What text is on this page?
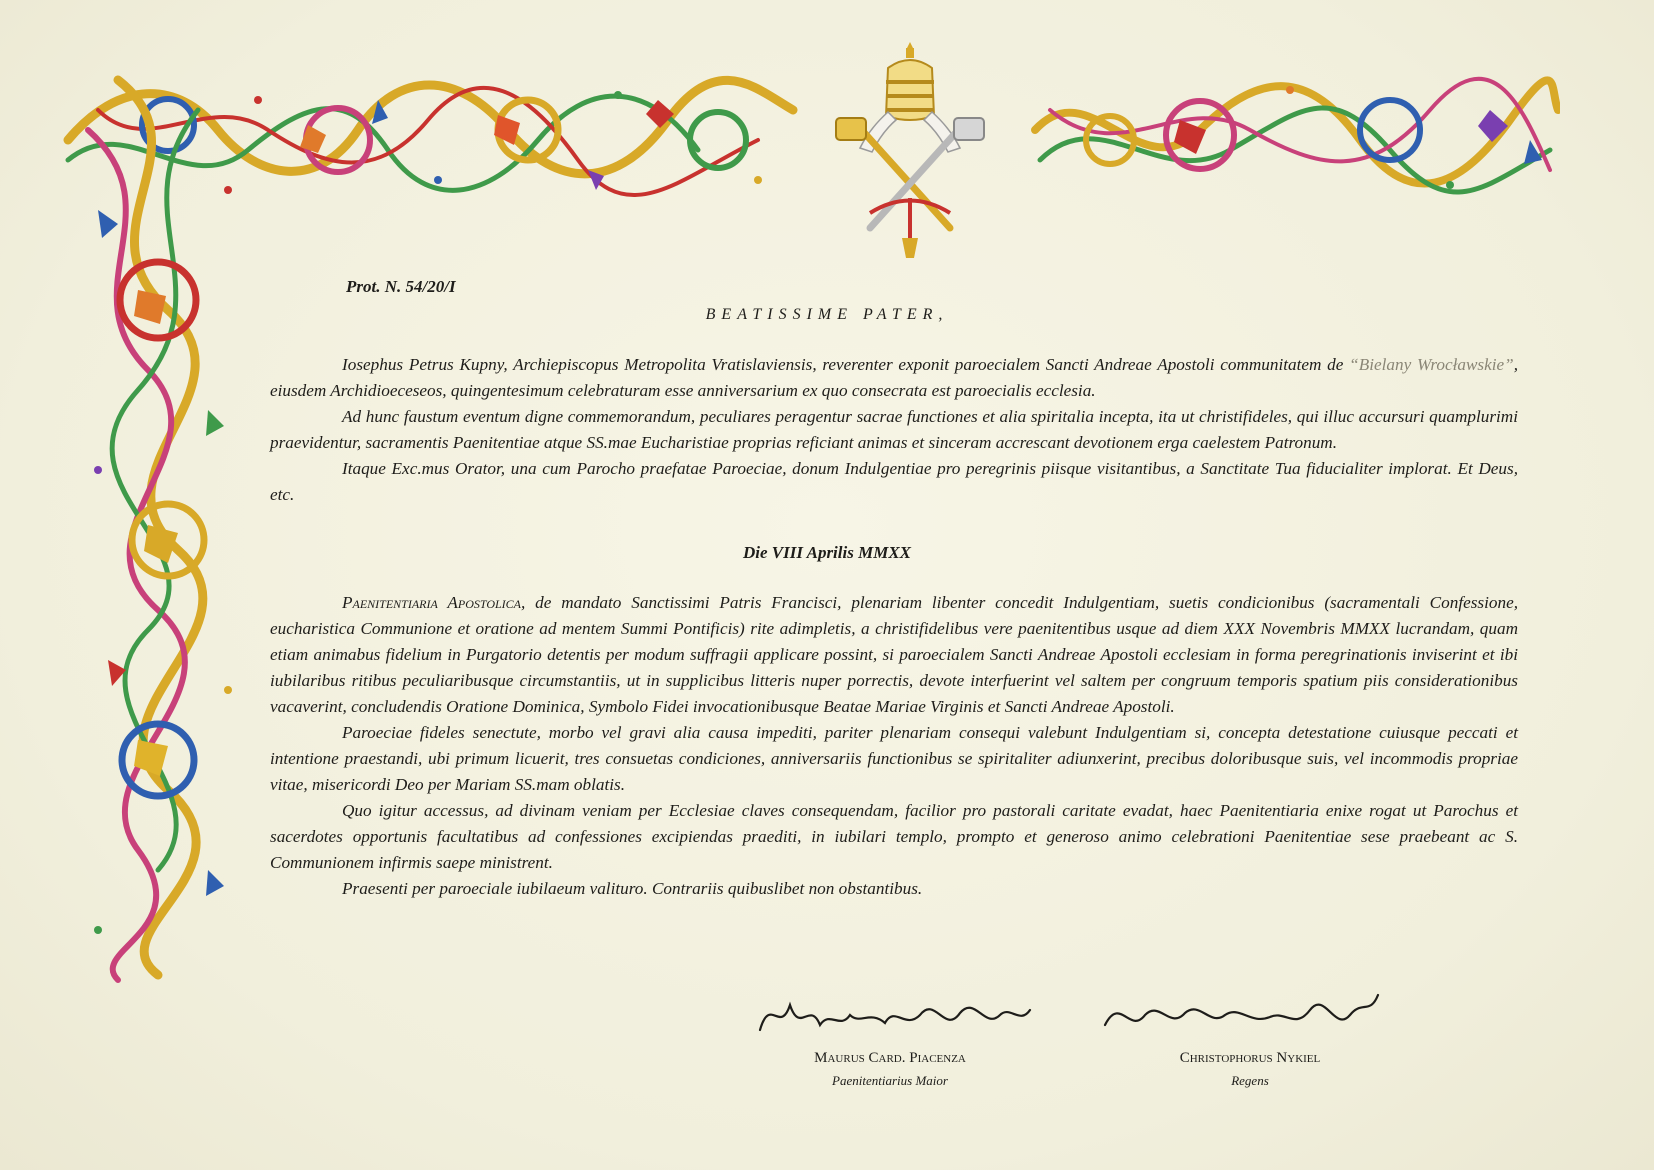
Prot. N. 54/20/I
BEATISSIME PATER,

Iosephus Petrus Kupny, Archiepiscopus Metropolita Vratislaviensis, reverenter exponit paroecialem Sancti Andreae Apostoli communitatem de “Bielany Wrocławskie”, eiusdem Archidioeceseos, quingentesimum celebraturam esse anniversarium ex quo consecrata est paroecialis ecclesia.

Ad hunc faustum eventum digne commemorandum, peculiares peragentur sacrae functiones et alia spiritalia incepta, ita ut christifideles, qui illuc accursuri quamplurimi praevidentur, sacramentis Paenitentiae atque SS.mae Eucharistiae proprias reficiant animas et sinceram accrescant devotionem erga caelestem Patronum.

Itaque Exc.mus Orator, una cum Parocho praefatae Paroeciae, donum Indulgentiae pro peregrinis piisque visitantibus, a Sanctitate Tua fiducialiter implorat. Et Deus, etc.

Die VIII Aprilis MMXX

Paenitentiaria Apostolica, de mandato Sanctissimi Patris Francisci, plenariam libenter concedit Indulgentiam, suetis condicionibus (sacramentali Confessione, eucharistica Communione et oratione ad mentem Summi Pontificis) rite adimpletis, a christifidelibus vere paenitentibus usque ad diem XXX Novembris MMXX lucrandam, quam etiam animabus fidelium in Purgatorio detentis per modum suffragii applicare possint, si paroecialem Sancti Andreae Apostoli ecclesiam in forma peregrinationis inviserint et ibi iubilaribus ritibus peculiaribusque circumstantiis, ut in supplicibus litteris nuper porrectis, devote interfuerint vel saltem per congruum temporis spatium piis considerationibus vacaverint, concludendis Oratione Dominica, Symbolo Fidei invocationibusque Beatae Mariae Virginis et Sancti Andreae Apostoli.

Paroeciae fideles senectute, morbo vel gravi alia causa impediti, pariter plenariam consequi valebunt Indulgentiam si, concepta detestatione cuiusque peccati et intentione praestandi, ubi primum licuerit, tres consuetas condiciones, anniversariis functionibus se spiritaliter adiunxerint, precibus doloribusque suis, vel incommodis propriae vitae, misericordi Deo per Mariam SS.mam oblatis.

Quo igitur accessus, ad divinam veniam per Ecclesiae claves consequendam, facilior pro pastorali caritate evadat, haec Paenitentiaria enixe rogat ut Parochus et sacerdotes opportunis facultatibus ad confessiones excipiendas praediti, in iubilari templo, prompto et generoso animo celebrationi Paenitentiae sese praebeant ac S. Communionem infirmis saepe ministrent.

Praesenti per paroeciale iubilaeum valituro. Contrariis quibuslibet non obstantibus.

Maurus Card. Piacenza
Paenitentiarius Maior
Christophorus Nykiel
Regens
